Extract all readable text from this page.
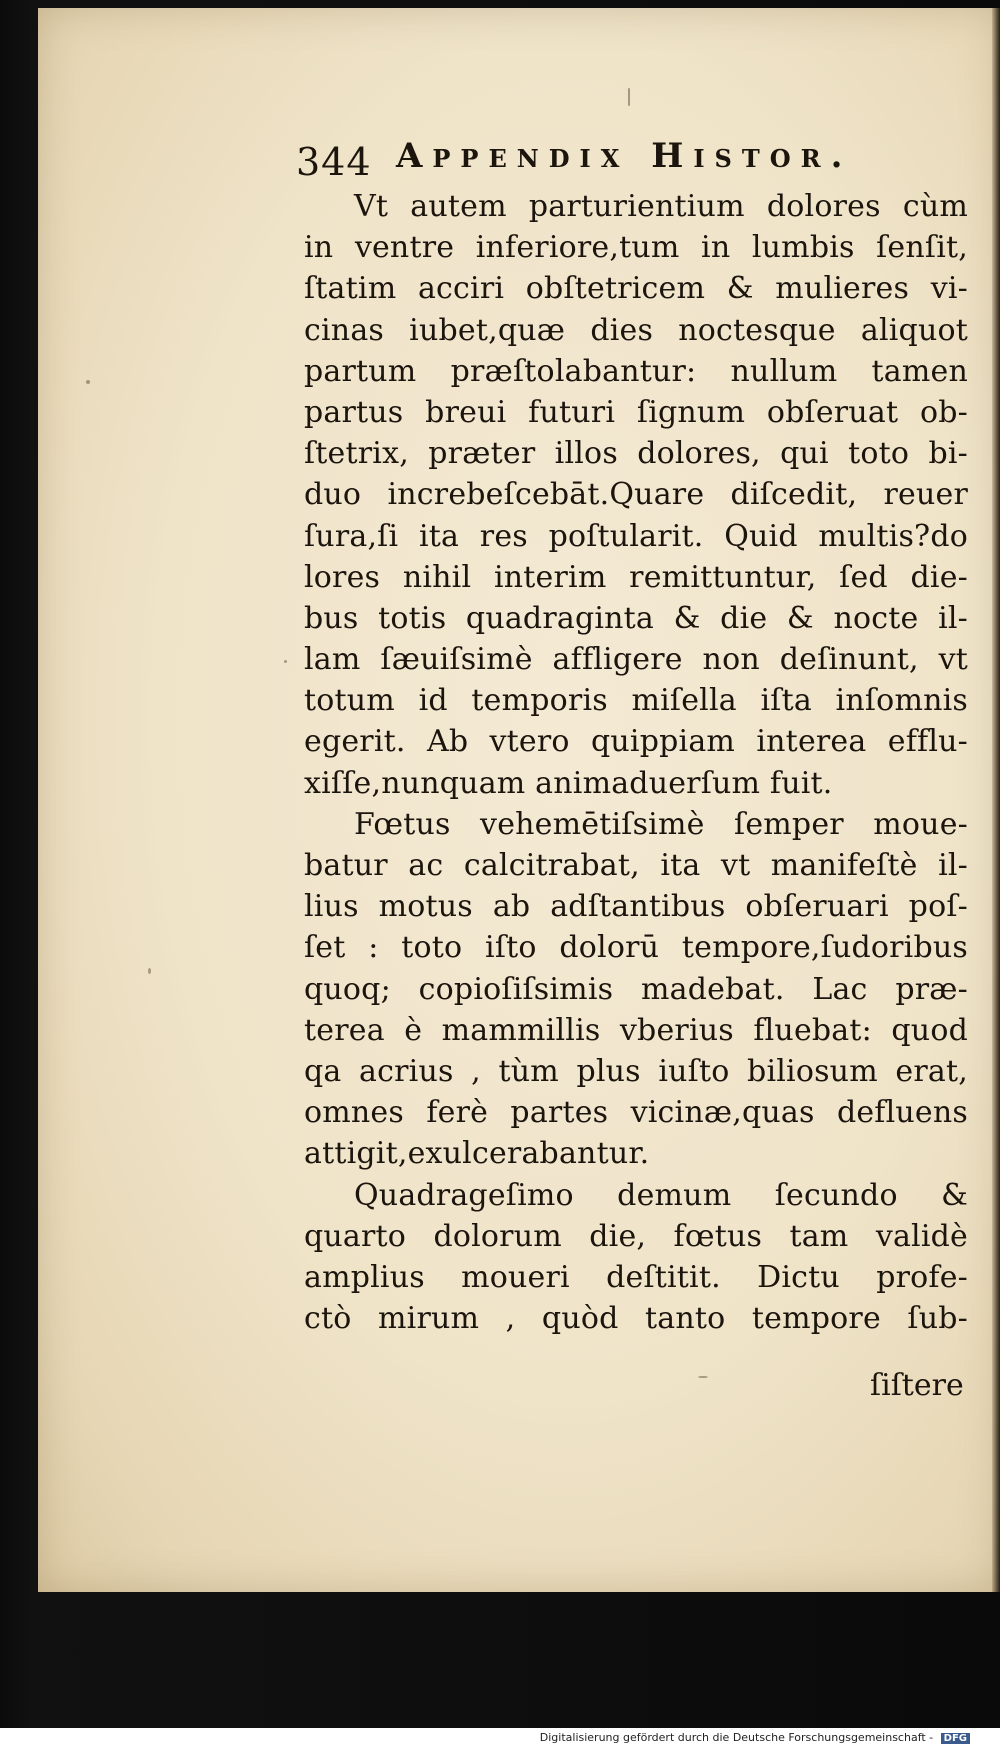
344 Appendix Histor.
Vt autem parturientium dolores cùm
in ventre inferiore,tum in lumbis ſenſit,
ſtatim acciri obſtetricem & mulieres vi-
cinas iubet,quæ dies noctesque aliquot
partum præſtolabantur: nullum tamen
partus breui futuri ſignum obſeruat ob-
ſtetrix, præter illos dolores, qui toto bi-
duo increbeſcebāt.Quare diſcedit, reuer
ſura,ſi ita res poſtularit. Quid multis?do
lores nihil interim remittuntur, ſed die-
bus totis quadraginta & die & nocte il-
lam ſæuiſsimè affligere non deſinunt, vt
totum id temporis miſella iſta inſomnis
egerit. Ab vtero quippiam interea efflu-
xiſſe,nunquam animaduerſum fuit.
Fœtus vehemētiſsimè ſemper moue-
batur ac calcitrabat, ita vt manifeſtè il-
lius motus ab adſtantibus obſeruari poſ-
ſet : toto iſto dolorū tempore,ſudoribus
quoq; copioſiſsimis madebat. Lac præ-
terea è mammillis vberius fluebat: quod
qa acrius , tùm plus iuſto biliosum erat,
omnes ferè partes vicinæ,quas defluens
attigit,exulcerabantur.
Quadrageſimo demum ſecundo &
quarto dolorum die, fœtus tam validè
amplius moueri deſtitit. Dictu profe-
ctò mirum , quòd tanto tempore ſub-
ſiſtere
Digitalisierung gefördert durch die Deutsche Forschungsgemeinschaft - DFG
